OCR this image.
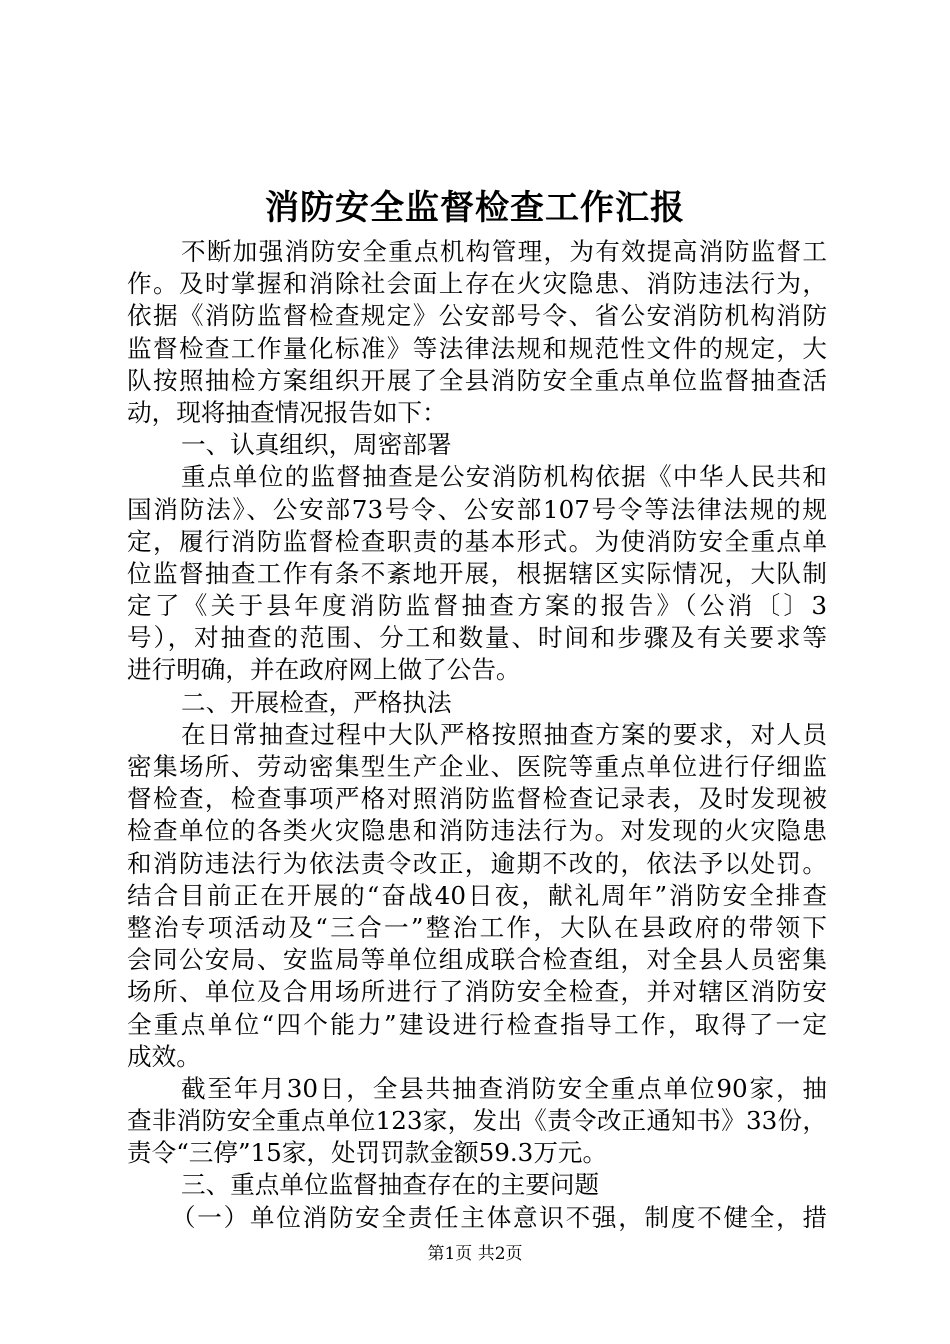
消防安全监督检查工作汇报
不断加强消防安全重点机构管理，为有效提高消防监督工
作。及时掌握和消除社会面上存在火灾隐患、消防违法行为，
依据《消防监督检查规定》公安部号令、省公安消防机构消防
监督检查工作量化标准》等法律法规和规范性文件的规定，大
队按照抽检方案组织开展了全县消防安全重点单位监督抽查活
动，现将抽查情况报告如下：
一、认真组织，周密部署
重点单位的监督抽查是公安消防机构依据《中华人民共和
国消防法》、公安部73号令、公安部107号令等法律法规的规
定，履行消防监督检查职责的基本形式。为使消防安全重点单
位监督抽查工作有条不紊地开展，根据辖区实际情况，大队制
定了《关于县年度消防监督抽查方案的报告》（公消〔〕3
号），对抽查的范围、分工和数量、时间和步骤及有关要求等
进行明确，并在政府网上做了公告。
二、开展检查，严格执法
在日常抽查过程中大队严格按照抽查方案的要求，对人员
密集场所、劳动密集型生产企业、医院等重点单位进行仔细监
督检查，检查事项严格对照消防监督检查记录表，及时发现被
检查单位的各类火灾隐患和消防违法行为。对发现的火灾隐患
和消防违法行为依法责令改正，逾期不改的，依法予以处罚。
结合目前正在开展的“奋战40日夜，献礼周年”消防安全排查
整治专项活动及“三合一”整治工作，大队在县政府的带领下
会同公安局、安监局等单位组成联合检查组，对全县人员密集
场所、单位及合用场所进行了消防安全检查，并对辖区消防安
全重点单位“四个能力”建设进行检查指导工作，取得了一定
成效。
截至年月30日，全县共抽查消防安全重点单位90家，抽
查非消防安全重点单位123家，发出《责令改正通知书》33份，
责令“三停”15家，处罚罚款金额59.3万元。
三、重点单位监督抽查存在的主要问题
（一）单位消防安全责任主体意识不强，制度不健全，措
第1页 共2页
